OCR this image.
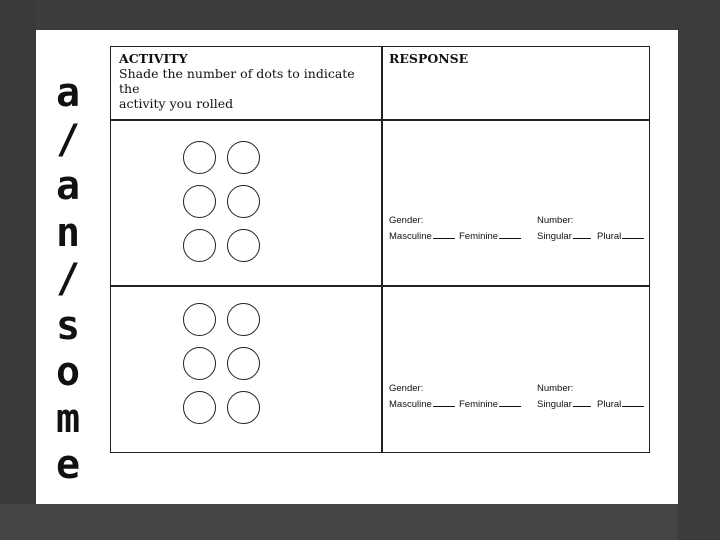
a
/
a
n
/
s
o
m
e
ACTIVITY
Shade the number of dots to indicate the
activity you rolled
RESPONSE
Gender:	Number:
Masculine	Feminine	Singular	Plural
Gender:	Number:
Masculine	Feminine	Singular	Plural
